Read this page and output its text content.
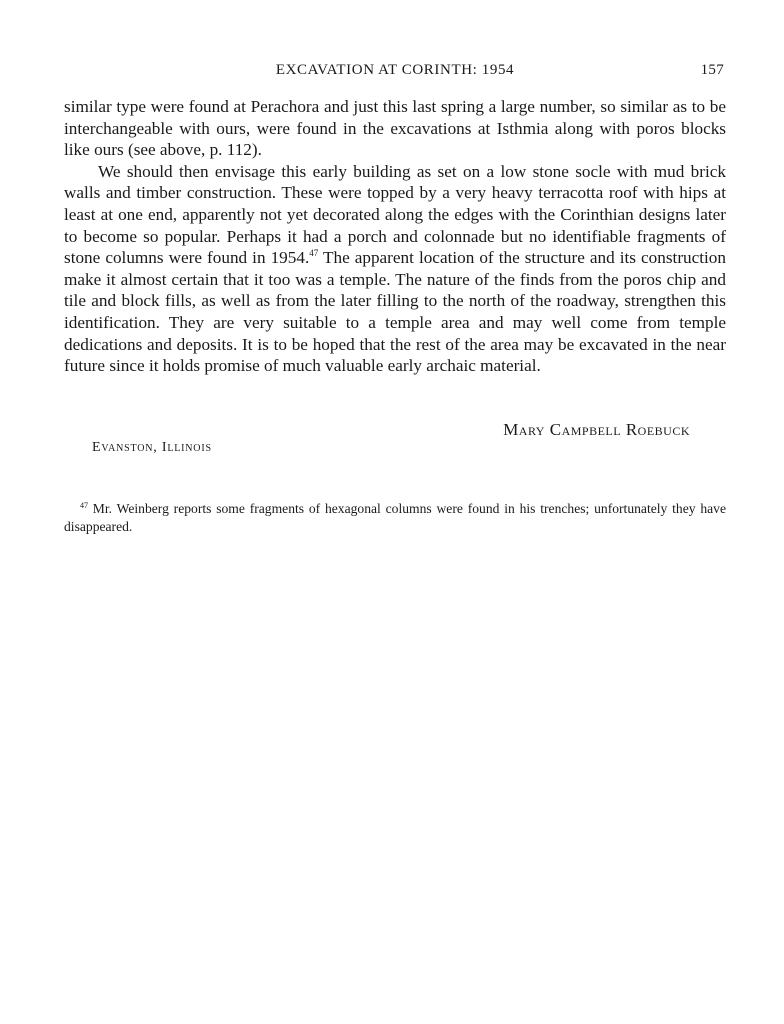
EXCAVATION AT CORINTH: 1954	157

similar type were found at Perachora and just this last spring a large number, so similar as to be interchangeable with ours, were found in the excavations at Isthmia along with poros blocks like ours (see above, p. 112).

We should then envisage this early building as set on a low stone socle with mud brick walls and timber construction. These were topped by a very heavy terracotta roof with hips at least at one end, apparently not yet decorated along the edges with the Corinthian designs later to become so popular. Perhaps it had a porch and colonnade but no identifiable fragments of stone columns were found in 1954.47 The apparent location of the structure and its construction make it almost certain that it too was a temple. The nature of the finds from the poros chip and tile and block fills, as well as from the later filling to the north of the roadway, strengthen this identification. They are very suitable to a temple area and may well come from temple dedications and deposits. It is to be hoped that the rest of the area may be excavated in the near future since it holds promise of much valuable early archaic material.

Mary Campbell Roebuck
Evanston, Illinois

$^{47}$ Mr. Weinberg reports some fragments of hexagonal columns were found in his trenches; unfortunately they have disappeared.
